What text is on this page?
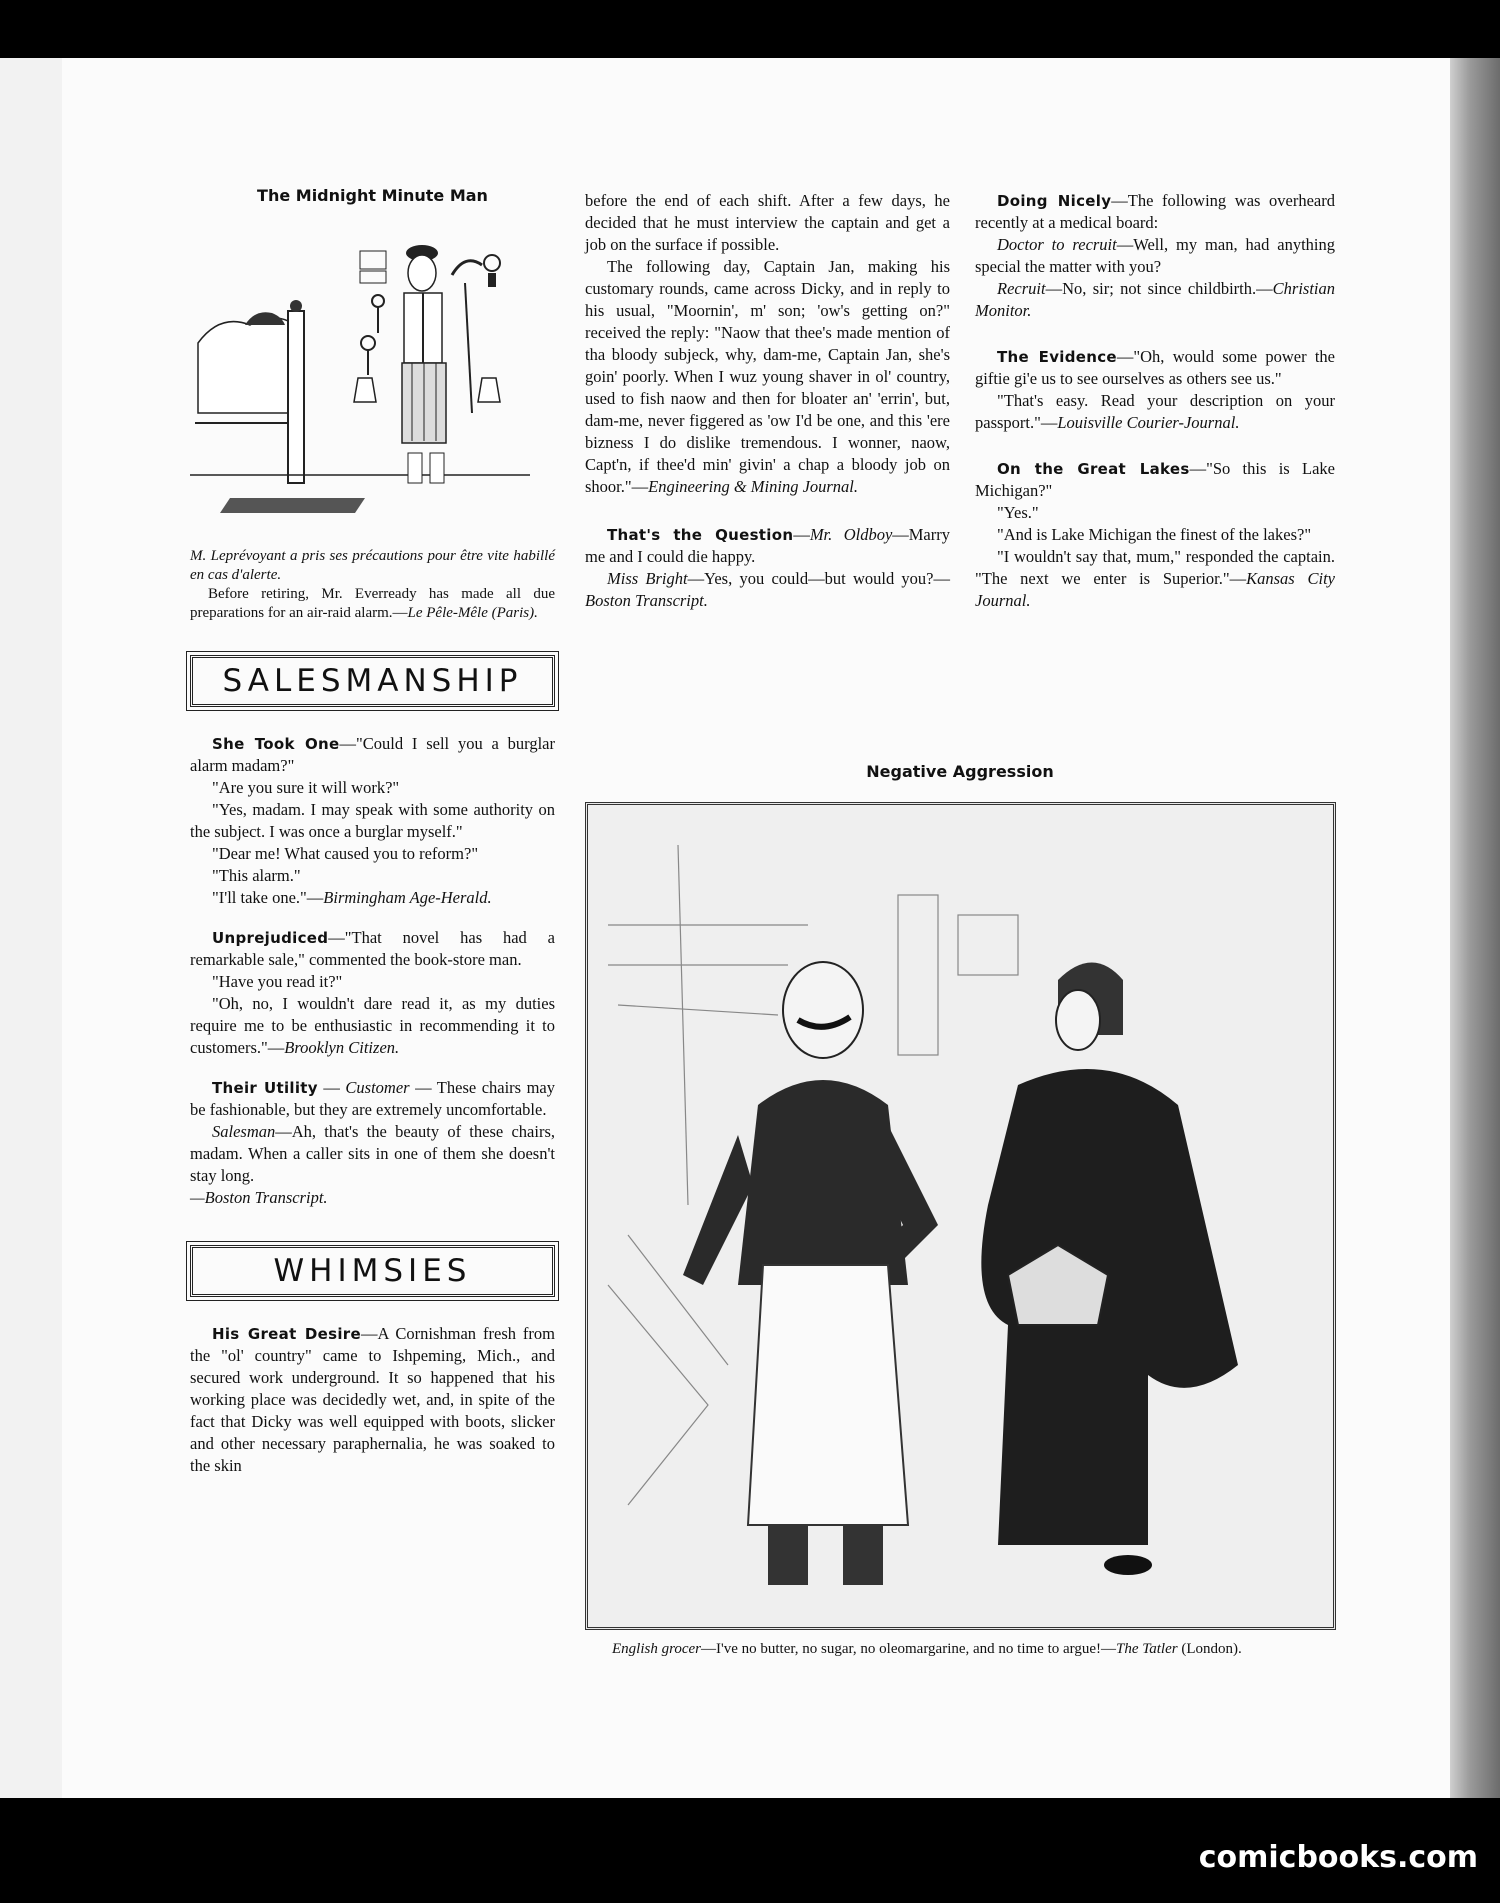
The Midnight Minute Man
M. Leprévoyant a pris ses précautions pour être vite habillé en cas d'alerte.
Before retiring, Mr. Everready has made all due preparations for an air-raid alarm.—Le Pêle-Mêle (Paris).
SALESMANSHIP

She Took One—"Could I sell you a burglar alarm madam?"

"Are you sure it will work?"

"Yes, madam. I may speak with some authority on the subject. I was once a burglar myself."

"Dear me! What caused you to reform?"

"This alarm."

"I'll take one."—Birmingham Age-Herald.

Unprejudiced—"That novel has had a remarkable sale," commented the book-store man.

"Have you read it?"

"Oh, no, I wouldn't dare read it, as my duties require me to be enthusiastic in recommending it to customers."—Brooklyn Citizen.

Their Utility — Customer — These chairs may be fashionable, but they are extremely uncomfortable.

Salesman—Ah, that's the beauty of these chairs, madam. When a caller sits in one of them she doesn't stay long.

—Boston Transcript.

WHIMSIES

His Great Desire—A Cornishman fresh from the "ol' country" came to Ishpeming, Mich., and secured work underground. It so happened that his working place was decidedly wet, and, in spite of the fact that Dicky was well equipped with boots, slicker and other necessary paraphernalia, he was soaked to the skin

before the end of each shift. After a few days, he decided that he must interview the captain and get a job on the surface if possible.

The following day, Captain Jan, making his customary rounds, came across Dicky, and in reply to his usual, "Moornin', m' son; 'ow's getting on?" received the reply: "Naow that thee's made mention of tha bloody subjeck, why, dam-me, Captain Jan, she's goin' poorly. When I wuz young shaver in ol' country, used to fish naow and then for bloater an' 'errin', but, dam-me, never figgered as 'ow I'd be one, and this 'ere bizness I do dislike tremendous. I wonner, naow, Capt'n, if thee'd min' givin' a chap a bloody job on shoor."—Engineering & Mining Journal.

That's the Question—Mr. Oldboy—Marry me and I could die happy.

Miss Bright—Yes, you could—but would you?—Boston Transcript.

Doing Nicely—The following was overheard recently at a medical board:

Doctor to recruit—Well, my man, had anything special the matter with you?

Recruit—No, sir; not since childbirth.—Christian Monitor.

The Evidence—"Oh, would some power the giftie gi'e us to see ourselves as others see us."

"That's easy. Read your description on your passport."—Louisville Courier-Journal.

On the Great Lakes—"So this is Lake Michigan?"

"Yes."

"And is Lake Michigan the finest of the lakes?"

"I wouldn't say that, mum," responded the captain. "The next we enter is Superior."—Kansas City Journal.

Negative Aggression
English grocer—I've no butter, no sugar, no oleomargarine, and no time to argue!—The Tatler (London).
comicbooks.com
